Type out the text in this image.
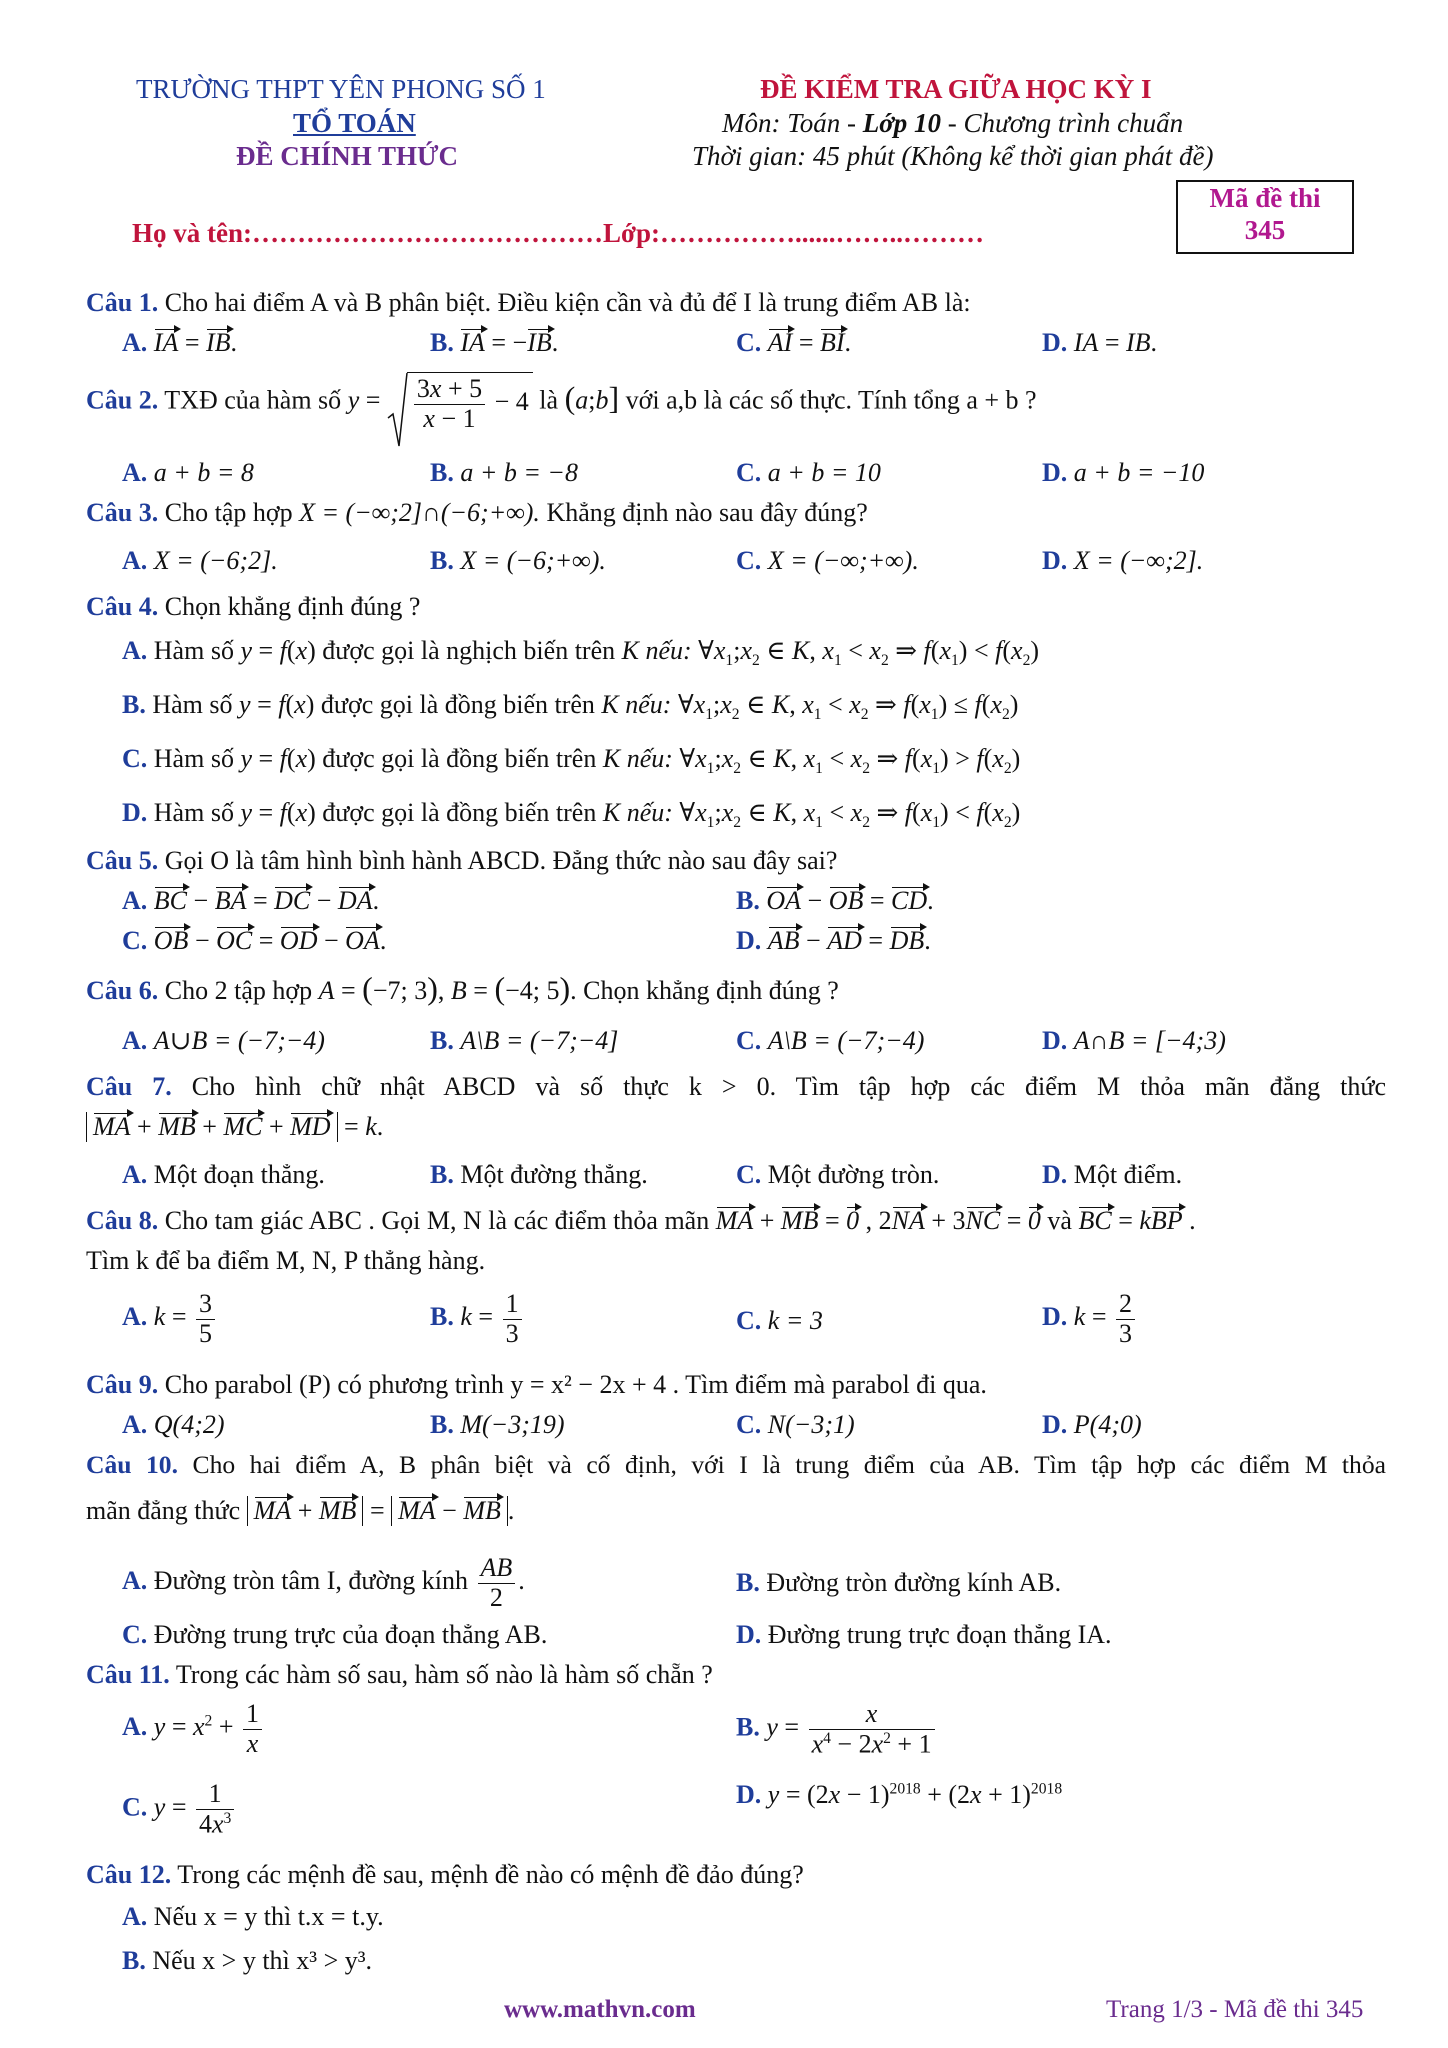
TRƯỜNG THPT YÊN PHONG SỐ 1
TỔ TOÁN
ĐỀ CHÍNH THỨC
ĐỀ KIỂM TRA GIỮA HỌC KỲ I
Môn: Toán - Lớp 10 - Chương trình chuẩn
Thời gian: 45 phút (Không kể thời gian phát đề)
Mã đề thi
345
Họ và tên:…………………………………Lớp:……………......……..………
Câu 1. Cho hai điểm A và B phân biệt. Điều kiện cần và đủ để I là trung điểm AB là:
A. IA = IB.	B. IA = −IB.	C. AI = BI.	D. IA = IB.
Câu 2. TXĐ của hàm số $y = \frac{3x + 5}{x - 1} - 4$ là (a;b] với a,b là các số thực. Tính tổng a + b ?
A. a + b = 8	B. a + b = −8	C. a + b = 10	D. a + b = −10
Câu 3. Cho tập hợp X = (−∞;2]∩(−6;+∞). Khẳng định nào sau đây đúng?
A. X = (−6;2].	B. X = (−6;+∞).	C. X = (−∞;+∞).	D. X = (−∞;2].
Câu 4. Chọn khẳng định đúng ?
A. Hàm số y = f(x) được gọi là nghịch biến trên K nếu: $\forall x_1;x_2$ ∈ K, $x_1 < x_2$ ⇒ $f(x_1) < f(x_2)$
B. Hàm số y = f(x) được gọi là đồng biến trên K nếu: $\forall x_1;x_2$ ∈ K, $x_1 < x_2$ ⇒ $f(x_1) \le f(x_2)$
C. Hàm số y = f(x) được gọi là đồng biến trên K nếu: $\forall x_1;x_2$ ∈ K, $x_1 < x_2$ ⇒ $f(x_1) > f(x_2)$
D. Hàm số y = f(x) được gọi là đồng biến trên K nếu: $\forall x_1;x_2$ ∈ K, $x_1 < x_2$ ⇒ $f(x_1) < f(x_2)$
Câu 5. Gọi O là tâm hình bình hành ABCD. Đẳng thức nào sau đây sai?
A. BC − BA = DC − DA.	B. OA − OB = CD.
C. OB − OC = OD − OA.	D. AB − AD = DB.
Câu 6. Cho 2 tập hợp A = (−7; 3), B = (−4; 5). Chọn khẳng định đúng ?
A. A∪B = (−7;−4)	B. A\B = (−7;−4]	C. A\B = (−7;−4)	D. A∩B = [−4;3)
Câu 7. Cho hình chữ nhật ABCD và số thực k > 0. Tìm tập hợp các điểm M thỏa mãn đẳng thức
MA + MB + MC + MD = k.
A. Một đoạn thẳng.	B. Một đường thẳng.	C. Một đường tròn.	D. Một điểm.
Câu 8. Cho tam giác ABC . Gọi M, N là các điểm thỏa mãn MA + MB = 0 , 2NA + 3NC = 0 và BC = kBP .
Tìm k để ba điểm M, N, P thẳng hàng.
A. $k = \frac{3}{5}$	B. $k = \frac{1}{3}$	C. k = 3	D. $k = \frac{2}{3}$
Câu 9. Cho parabol (P) có phương trình y = x² − 2x + 4 . Tìm điểm mà parabol đi qua.
A. Q(4;2)	B. M(−3;19)	C. N(−3;1)	D. P(4;0)
Câu 10. Cho hai điểm A, B phân biệt và cố định, với I là trung điểm của AB. Tìm tập hợp các điểm M thỏa
mãn đẳng thức MA + MB = MA − MB .
A. Đường tròn tâm I, đường kính $\frac{AB}{2}$ .	B. Đường tròn đường kính AB.
C. Đường trung trực của đoạn thẳng AB.	D. Đường trung trực đoạn thẳng IA.
Câu 11. Trong các hàm số sau, hàm số nào là hàm số chẵn ?
A. $y = x^2 + \frac{1}{x}$	B. $y = \frac{x}{x^4 - 2x^2 + 1}$
C. $y = \frac{1}{4x^3}$	D. $y = (2x - 1)^{2018} + (2x + 1)^{2018}$
Câu 12. Trong các mệnh đề sau, mệnh đề nào có mệnh đề đảo đúng?
A. Nếu x = y thì t.x = t.y.
B. Nếu x > y thì x³ > y³.
www.mathvn.com	Trang 1/3 - Mã đề thi 345
